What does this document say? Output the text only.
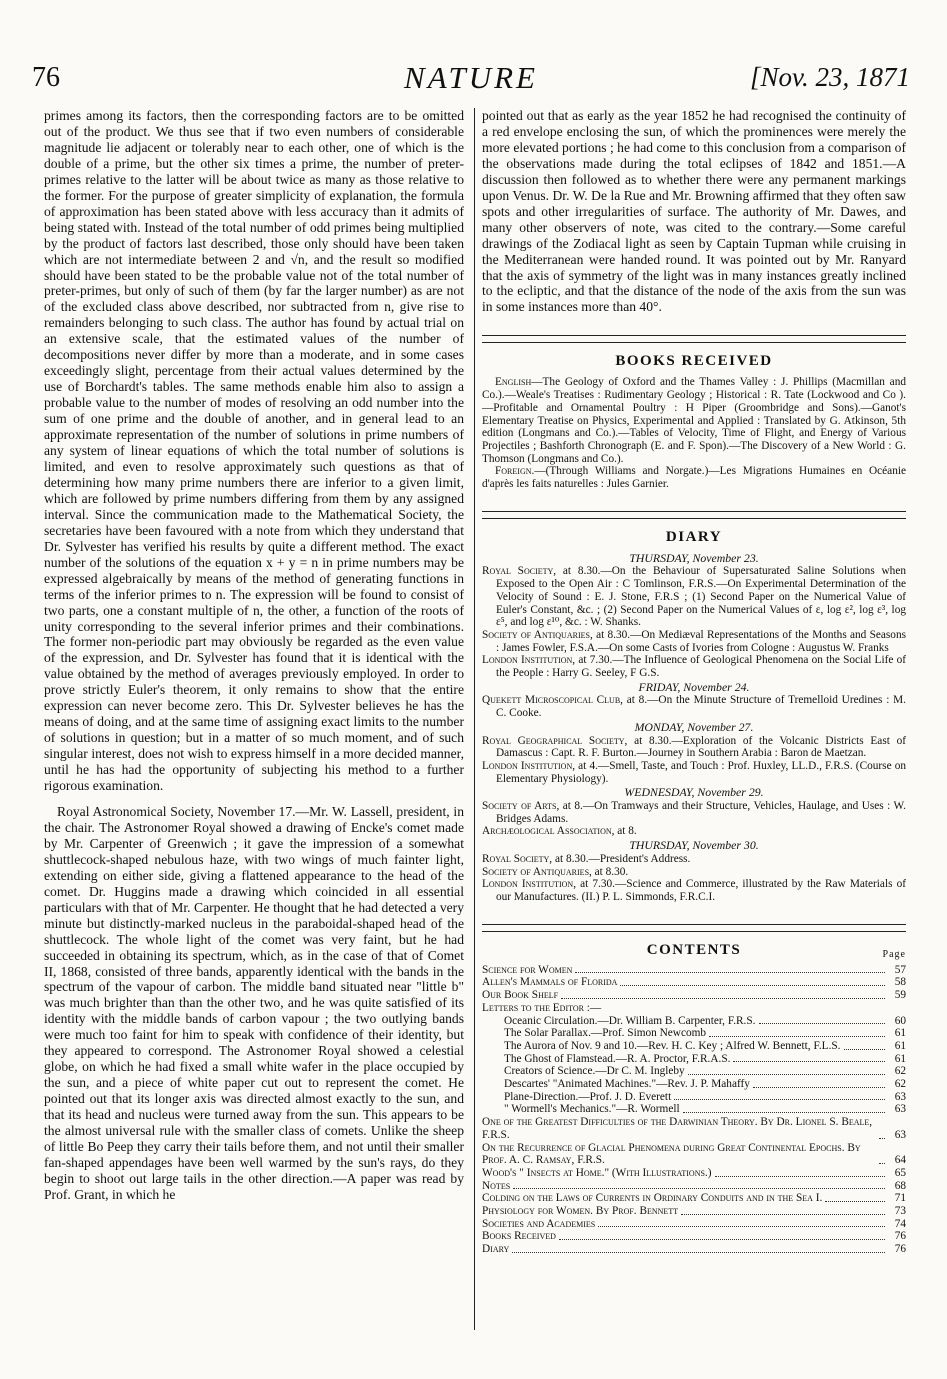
76	NATURE	[Nov. 23, 1871

primes among its factors, then the corresponding factors are to be omitted out of the product. We thus see that if two even numbers of considerable magnitude lie adjacent or tolerably near to each other, one of which is the double of a prime, but the other six times a prime, the number of preter-primes relative to the latter will be about twice as many as those relative to the former. For the purpose of greater simplicity of explanation, the formula of approximation has been stated above with less accuracy than it admits of being stated with. Instead of the total number of odd primes being multiplied by the product of factors last described, those only should have been taken which are not intermediate between 2 and √n, and the result so modified should have been stated to be the probable value not of the total number of preter-primes, but only of such of them (by far the larger number) as are not of the excluded class above described, nor subtracted from n, give rise to remainders belonging to such class. The author has found by actual trial on an extensive scale, that the estimated values of the number of decompositions never differ by more than a moderate, and in some cases exceedingly slight, percentage from their actual values determined by the use of Borchardt's tables. The same methods enable him also to assign a probable value to the number of modes of resolving an odd number into the sum of one prime and the double of another, and in general lead to an approximate representation of the number of solutions in prime numbers of any system of linear equations of which the total number of solutions is limited, and even to resolve approximately such questions as that of determining how many prime numbers there are inferior to a given limit, which are followed by prime numbers differing from them by any assigned interval. Since the communication made to the Mathematical Society, the secretaries have been favoured with a note from which they understand that Dr. Sylvester has verified his results by quite a different method. The exact number of the solutions of the equation x + y = n in prime numbers may be expressed algebraically by means of the method of generating functions in terms of the inferior primes to n. The expression will be found to consist of two parts, one a constant multiple of n, the other, a function of the roots of unity corresponding to the several inferior primes and their combinations. The former non-periodic part may obviously be regarded as the even value of the expression, and Dr. Sylvester has found that it is identical with the value obtained by the method of averages previously employed. In order to prove strictly Euler's theorem, it only remains to show that the entire expression can never become zero. This Dr. Sylvester believes he has the means of doing, and at the same time of assigning exact limits to the number of solutions in question; but in a matter of so much moment, and of such singular interest, does not wish to express himself in a more decided manner, until he has had the opportunity of subjecting his method to a further rigorous examination.

Royal Astronomical Society, November 17.—Mr. W. Lassell, president, in the chair. The Astronomer Royal showed a drawing of Encke's comet made by Mr. Carpenter of Greenwich ; it gave the impression of a somewhat shuttlecock-shaped nebulous haze, with two wings of much fainter light, extending on either side, giving a flattened appearance to the head of the comet. Dr. Huggins made a drawing which coincided in all essential particulars with that of Mr. Carpenter. He thought that he had detected a very minute but distinctly-marked nucleus in the paraboidal-shaped head of the shuttlecock. The whole light of the comet was very faint, but he had succeeded in obtaining its spectrum, which, as in the case of that of Comet II, 1868, consisted of three bands, apparently identical with the bands in the spectrum of the vapour of carbon. The middle band situated near "little b" was much brighter than than the other two, and he was quite satisfied of its identity with the middle bands of carbon vapour ; the two outlying bands were much too faint for him to speak with confidence of their identity, but they appeared to correspond. The Astronomer Royal showed a celestial globe, on which he had fixed a small white wafer in the place occupied by the sun, and a piece of white paper cut out to represent the comet. He pointed out that its longer axis was directed almost exactly to the sun, and that its head and nucleus were turned away from the sun. This appears to be the almost universal rule with the smaller class of comets. Unlike the sheep of little Bo Peep they carry their tails before them, and not until their smaller fan-shaped appendages have been well warmed by the sun's rays, do they begin to shoot out large tails in the other direction.—A paper was read by Prof. Grant, in which he

pointed out that as early as the year 1852 he had recognised the continuity of a red envelope enclosing the sun, of which the prominences were merely the more elevated portions ; he had come to this conclusion from a comparison of the observations made during the total eclipses of 1842 and 1851.—A discussion then followed as to whether there were any permanent markings upon Venus. Dr. W. De la Rue and Mr. Browning affirmed that they often saw spots and other irregularities of surface. The authority of Mr. Dawes, and many other observers of note, was cited to the contrary.—Some careful drawings of the Zodiacal light as seen by Captain Tupman while cruising in the Mediterranean were handed round. It was pointed out by Mr. Ranyard that the axis of symmetry of the light was in many instances greatly inclined to the ecliptic, and that the distance of the node of the axis from the sun was in some instances more than 40°.

BOOKS RECEIVED

English—The Geology of Oxford and the Thames Valley : J. Phillips (Macmillan and Co.).—Weale's Treatises : Rudimentary Geology ; Historical : R. Tate (Lockwood and Co ).—Profitable and Ornamental Poultry : H Piper (Groombridge and Sons).—Ganot's Elementary Treatise on Physics, Experimental and Applied : Translated by G. Atkinson, 5th edition (Longmans and Co.).—Tables of Velocity, Time of Flight, and Energy of Various Projectiles ; Bashforth Chronograph (E. and F. Spon).—The Discovery of a New World : G. Thomson (Longmans and Co.).

Foreign.—(Through Williams and Norgate.)—Les Migrations Humaines en Océanie d'après les faits naturelles : Jules Garnier.

DIARY
THURSDAY, November 23.
Royal Society, at 8.30.—On the Behaviour of Supersaturated Saline Solutions when Exposed to the Open Air : C Tomlinson, F.R.S.—On Experimental Determination of the Velocity of Sound : E. J. Stone, F.R.S ; (1) Second Paper on the Numerical Value of Euler's Constant, &c. ; (2) Second Paper on the Numerical Values of ε, log ε², log ε³, log ε⁵, and log ε¹⁰, &c. : W. Shanks.
Society of Antiquaries, at 8.30.—On Mediæval Representations of the Months and Seasons : James Fowler, F.S.A.—On some Casts of Ivories from Cologne : Augustus W. Franks
London Institution, at 7.30.—The Influence of Geological Phenomena on the Social Life of the People : Harry G. Seeley, F G.S.
FRIDAY, November 24.
Quekett Microscopical Club, at 8.—On the Minute Structure of Tremelloid Uredines : M. C. Cooke.
MONDAY, November 27.
Royal Geographical Society, at 8.30.—Exploration of the Volcanic Districts East of Damascus : Capt. R. F. Burton.—Journey in Southern Arabia : Baron de Maetzan.
London Institution, at 4.—Smell, Taste, and Touch : Prof. Huxley, LL.D., F.R.S. (Course on Elementary Physiology).
WEDNESDAY, November 29.
Society of Arts, at 8.—On Tramways and their Structure, Vehicles, Haulage, and Uses : W. Bridges Adams.
Archæological Association, at 8.
THURSDAY, November 30.
Royal Society, at 8.30.—President's Address.
Society of Antiquaries, at 8.30.
London Institution, at 7.30.—Science and Commerce, illustrated by the Raw Materials of our Manufactures. (II.) P. L. Simmonds, F.R.C.I.
CONTENTS	Page
Science for Women	57
Allen's Mammals of Florida	58
Our Book Shelf	59
Letters to the Editor :—
Oceanic Circulation.—Dr. William B. Carpenter, F.R.S.	60
The Solar Parallax.—Prof. Simon Newcomb	61
The Aurora of Nov. 9 and 10.—Rev. H. C. Key ; Alfred W. Bennett, F.L.S.	61
The Ghost of Flamstead.—R. A. Proctor, F.R.A.S.	61
Creators of Science.—Dr C. M. Ingleby	62
Descartes' "Animated Machines."—Rev. J. P. Mahaffy	62
Plane-Direction.—Prof. J. D. Everett	63
" Wormell's Mechanics."—R. Wormell	63
One of the Greatest Difficulties of the Darwinian Theory. By Dr. Lionel S. Beale, F.R.S.	63
On the Recurrence of Glacial Phenomena during Great Continental Epochs. By Prof. A. C. Ramsay, F.R.S.	64
Wood's " Insects at Home." (With Illustrations.)	65
Notes	68
Colding on the Laws of Currents in Ordinary Conduits and in the Sea I.	71
Physiology for Women. By Prof. Bennett	73
Societies and Academies	74
Books Received	76
Diary	76
